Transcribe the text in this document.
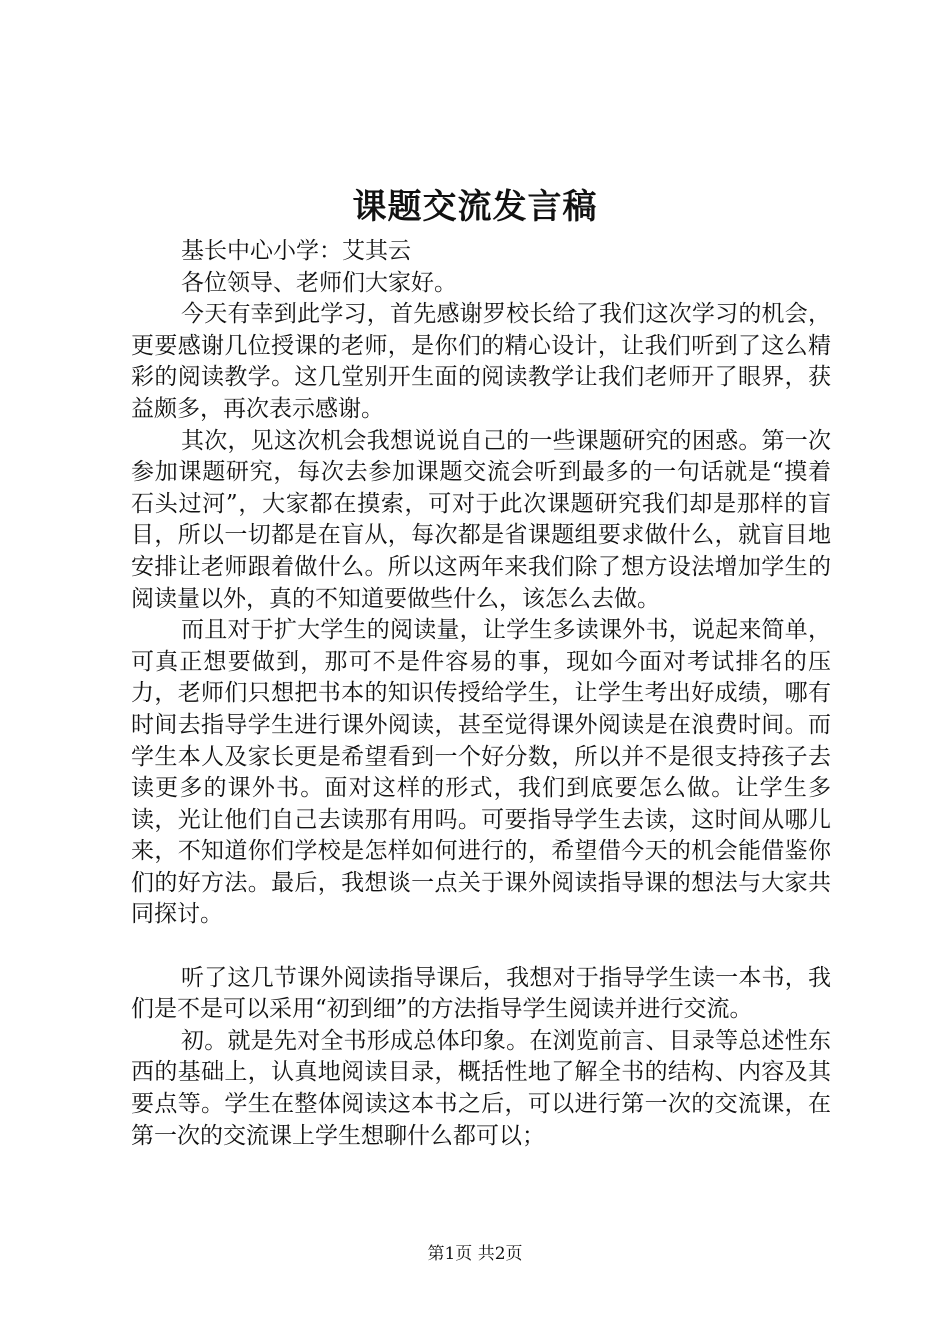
课题交流发言稿

基长中心小学：艾其云

各位领导、老师们大家好。

今天有幸到此学习，首先感谢罗校长给了我们这次学习的机会，更要感谢几位授课的老师，是你们的精心设计，让我们听到了这么精彩的阅读教学。这几堂别开生面的阅读教学让我们老师开了眼界，获益颇多，再次表示感谢。

其次，见这次机会我想说说自己的一些课题研究的困惑。第一次参加课题研究，每次去参加课题交流会听到最多的一句话就是“摸着石头过河”，大家都在摸索，可对于此次课题研究我们却是那样的盲目，所以一切都是在盲从，每次都是省课题组要求做什么，就盲目地安排让老师跟着做什么。所以这两年来我们除了想方设法增加学生的阅读量以外，真的不知道要做些什么，该怎么去做。

而且对于扩大学生的阅读量，让学生多读课外书，说起来简单，可真正想要做到，那可不是件容易的事，现如今面对考试排名的压力，老师们只想把书本的知识传授给学生，让学生考出好成绩，哪有时间去指导学生进行课外阅读，甚至觉得课外阅读是在浪费时间。而学生本人及家长更是希望看到一个好分数，所以并不是很支持孩子去读更多的课外书。面对这样的形式，我们到底要怎么做。让学生多读，光让他们自己去读那有用吗。可要指导学生去读，这时间从哪儿来，不知道你们学校是怎样如何进行的，希望借今天的机会能借鉴你们的好方法。最后，我想谈一点关于课外阅读指导课的想法与大家共同探讨。

听了这几节课外阅读指导课后，我想对于指导学生读一本书，我们是不是可以采用“初到细”的方法指导学生阅读并进行交流。

初。就是先对全书形成总体印象。在浏览前言、目录等总述性东西的基础上，认真地阅读目录，概括性地了解全书的结构、内容及其要点等。学生在整体阅读这本书之后，可以进行第一次的交流课，在第一次的交流课上学生想聊什么都可以；

第1页 共2页
